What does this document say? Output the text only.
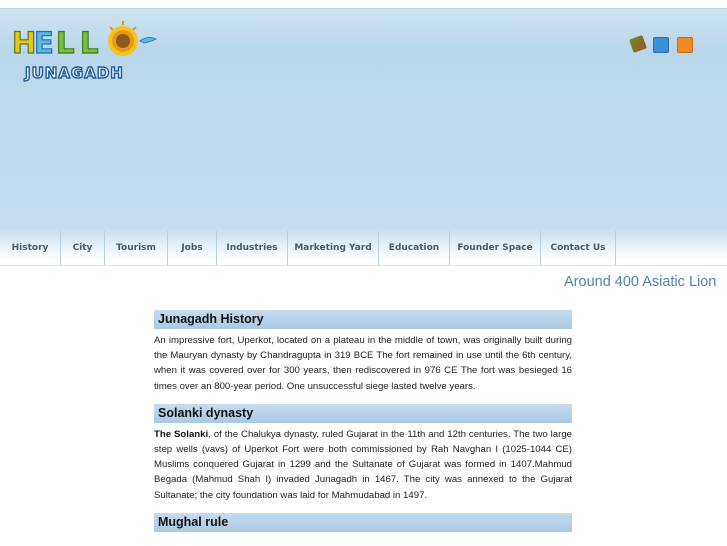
H
E L L
JUNAGADH
History	City	Tourism	Jobs	Industries	Marketing Yard	Education	Founder Space	Contact Us
Around 400 Asiatic Lion
Junagadh History

An impressive fort, Uperkot, located on a plateau in the middle of town, was originally built during the Mauryan dynasty by Chandragupta in 319 BCE The fort remained in use until the 6th century, when it was covered over for 300 years, then rediscovered in 976 CE The fort was besieged 16 times over an 800-year period. One unsuccessful siege lasted twelve years.

Solanki dynasty

The Solanki, of the Chalukya dynasty, ruled Gujarat in the 11th and 12th centuries. The two large step wells (vavs) of Uperkot Fort were both commissioned by Rah Navghan I (1025-1044 CE) Muslims conquered Gujarat in 1299 and the Sultanate of Gujarat was formed in 1407.Mahmud Begada (Mahmud Shah I) invaded Junagadh in 1467. The city was annexed to the Gujarat Sultanate; the city foundation was laid for Mahmudabad in 1497.

Mughal rule
